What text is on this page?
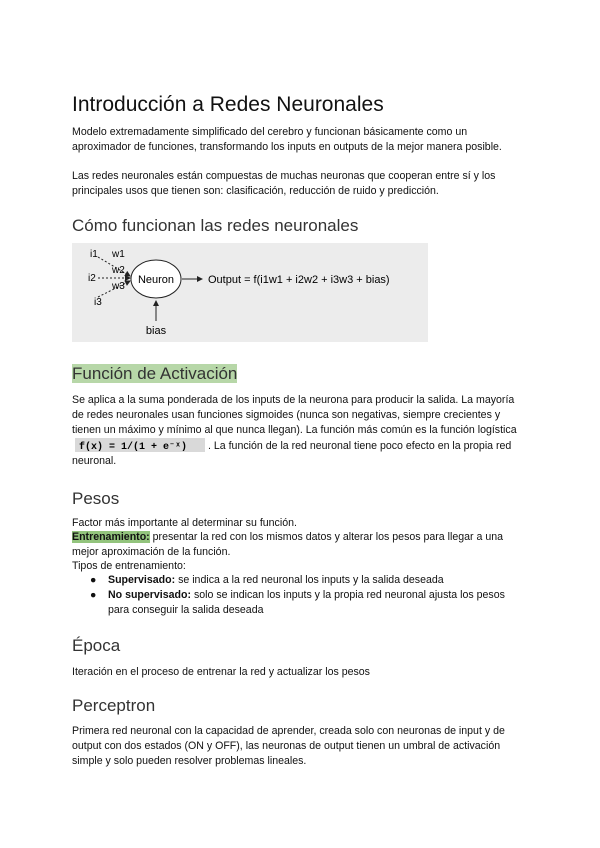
Introducción a Redes Neuronales

Modelo extremadamente simplificado del cerebro y funcionan básicamente como un aproximador de funciones, transformando los inputs en outputs de la mejor manera posible.

Las redes neuronales están compuestas de muchas neuronas que cooperan entre sí y los principales usos que tienen son: clasificación, reducción de ruido y predicción.

Cómo funcionan las redes neuronales
i1
i2
i3
w1
w2
w3
Neuron	Output = f(i1w1 + i2w2 + i3w3 + bias)
bias
Función de Activación

Se aplica a la suma ponderada de los inputs de la neurona para producir la salida. La mayoría de redes neuronales usan funciones sigmoides (nunca son negativas, siempre crecientes y tienen un máximo y mínimo al que nunca llegan). La función más común es la función logística
f(x) = 1/(1 + e⁻ˣ) . La función de la red neuronal tiene poco efecto en la propia red neuronal.

Pesos

Factor más importante al determinar su función.

Entrenamiento: presentar la red con los mismos datos y alterar los pesos para llegar a una mejor aproximación de la función.

Tipos de entrenamiento:

● Supervisado: se indica a la red neuronal los inputs y la salida deseada
● No supervisado: solo se indican los inputs y la propia red neuronal ajusta los pesos para conseguir la salida deseada
Época

Iteración en el proceso de entrenar la red y actualizar los pesos

Perceptron

Primera red neuronal con la capacidad de aprender, creada solo con neuronas de input y de output con dos estados (ON y OFF), las neuronas de output tienen un umbral de activación simple y solo pueden resolver problemas lineales.
